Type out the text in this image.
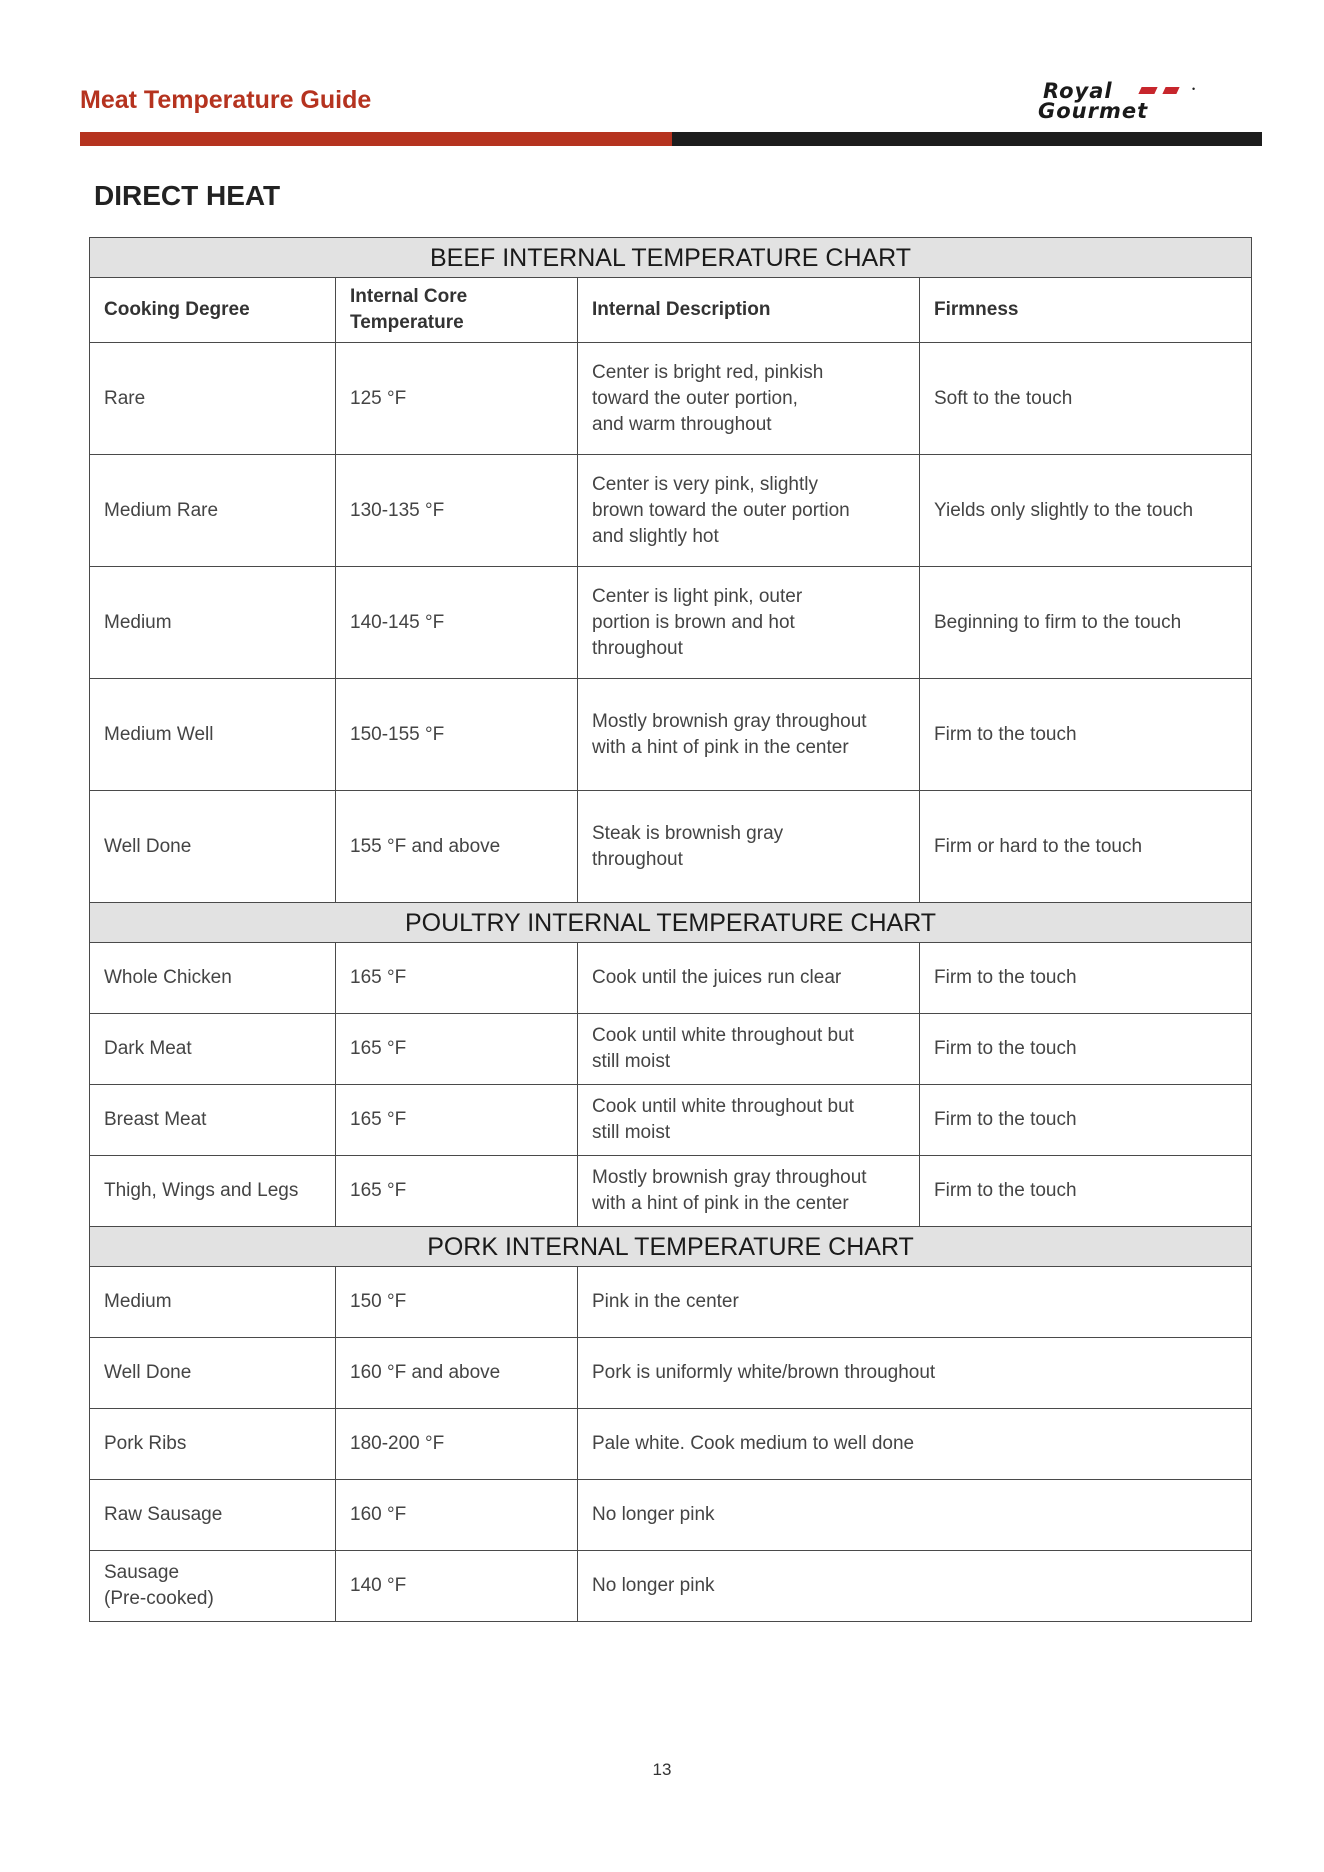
Meat Temperature Guide	Royal	•
Gourmet
DIRECT HEAT
BEEF INTERNAL TEMPERATURE CHART			
Cooking Degree	Internal Core
Temperature	Internal Description	Firmness
Rare	125 °F	Center is bright red, pinkish
toward the outer portion,
and warm throughout	Soft to the touch
Medium Rare	130-135 °F	Center is very pink, slightly
brown toward the outer portion
and slightly hot	Yields only slightly to the touch
Medium	140-145 °F	Center is light pink, outer
portion is brown and hot
throughout	Beginning to firm to the touch
Medium Well	150-155 °F	Mostly brownish gray throughout
with a hint of pink in the center	Firm to the touch
Well Done	155 °F and above	Steak is brownish gray
throughout	Firm or hard to the touch
POULTRY INTERNAL TEMPERATURE CHART			
Whole Chicken	165 °F	Cook until the juices run clear	Firm to the touch
Dark Meat	165 °F	Cook until white throughout but
still moist	Firm to the touch
Breast Meat	165 °F	Cook until white throughout but
still moist	Firm to the touch
Thigh, Wings and Legs	165 °F	Mostly brownish gray throughout
with a hint of pink in the center	Firm to the touch
PORK INTERNAL TEMPERATURE CHART			
Medium	150 °F	Pink in the center	
Well Done	160 °F and above	Pork is uniformly white/brown throughout	
Pork Ribs	180-200 °F	Pale white. Cook medium to well done	
Raw Sausage	160 °F	No longer pink	
Sausage
(Pre-cooked)	140 °F	No longer pink	
13
